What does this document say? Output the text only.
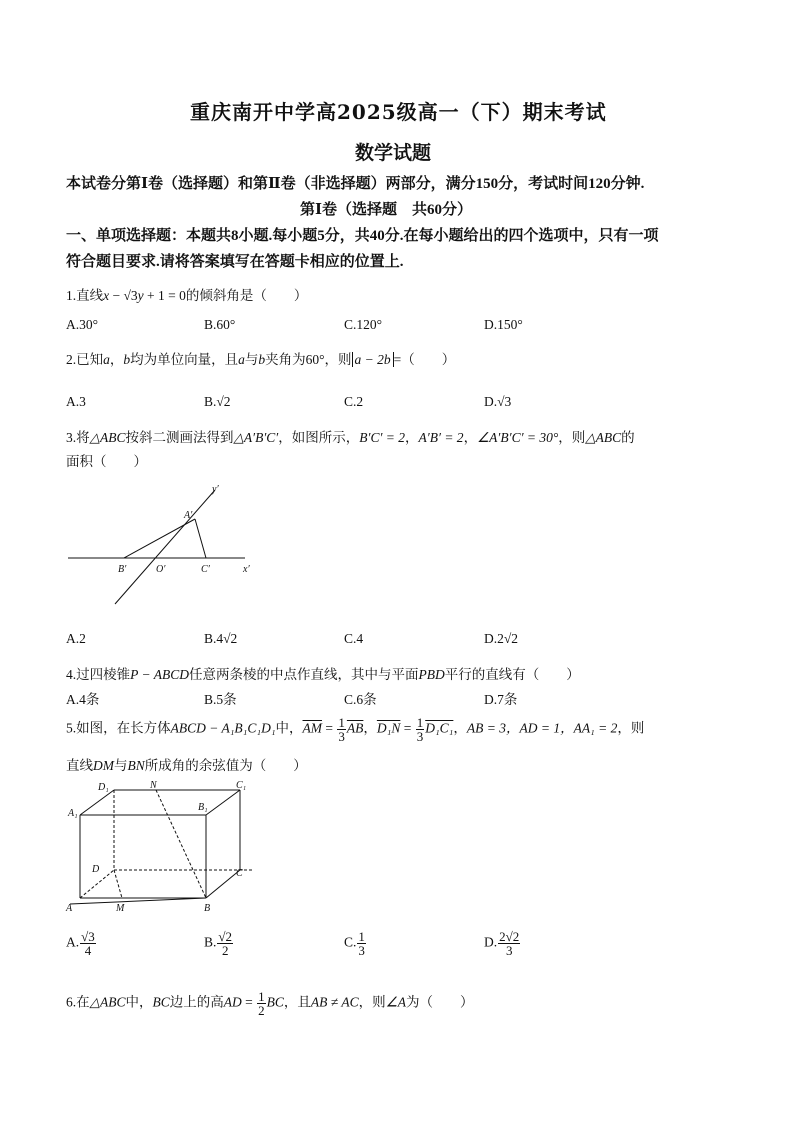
重庆南开中学高2025级高一（下）期末考试
数学试题
本试卷分第Ⅰ卷（选择题）和第Ⅱ卷（非选择题）两部分，满分150分，考试时间120分钟.
第Ⅰ卷（选择题　共60分）
一、单项选择题：本题共8小题.每小题5分，共40分.在每小题给出的四个选项中，只有一项
符合题目要求.请将答案填写在答题卡相应的位置上.
1.直线x − √3y + 1 = 0的倾斜角是（　　）
A.30°	B.60°	C.120°	D.150°
2.已知a，b均为单位向量，且a与b夹角为60°，则 a − 2b =（　　）
A.3	B.√2	C.2	D.√3
3.将△ABC按斜二测画法得到△A′B′C′，如图所示，B′C′ = 2，A′B′ = 2，∠A′B′C′ = 30°，则△ABC的
面积（　　）
y′
A′
B′	O′	C′	x′
A.2	B.4√2	C.4	D.2√2
4.过四棱锥P − ABCD任意两条棱的中点作直线，其中与平面PBD平行的直线有（　　）
A.4条	B.5条	C.6条	D.7条
5.如图，在长方体ABCD − A₁B₁C₁D₁中，$\overline{AM} = \frac{1}{3} \overline{AB}$，$D_1N = \frac{1}{3} D_1C_1$，AB = 3，AD = 1，AA₁ = 2，则
直线DM与BN所成角的余弦值为（　　）
D₁	N	C₁
A₁
B₁
D	C
A	M	B
A. $\frac{√3}{4}$	B. $\frac{√2}{2}$	C. $\frac{1}{3}$	D. $\frac{2√2}{3}$
6.在△ABC中，BC边上的高AD = $\frac{1}{2}$ BC，且AB ≠ AC，则∠A为（　　）
